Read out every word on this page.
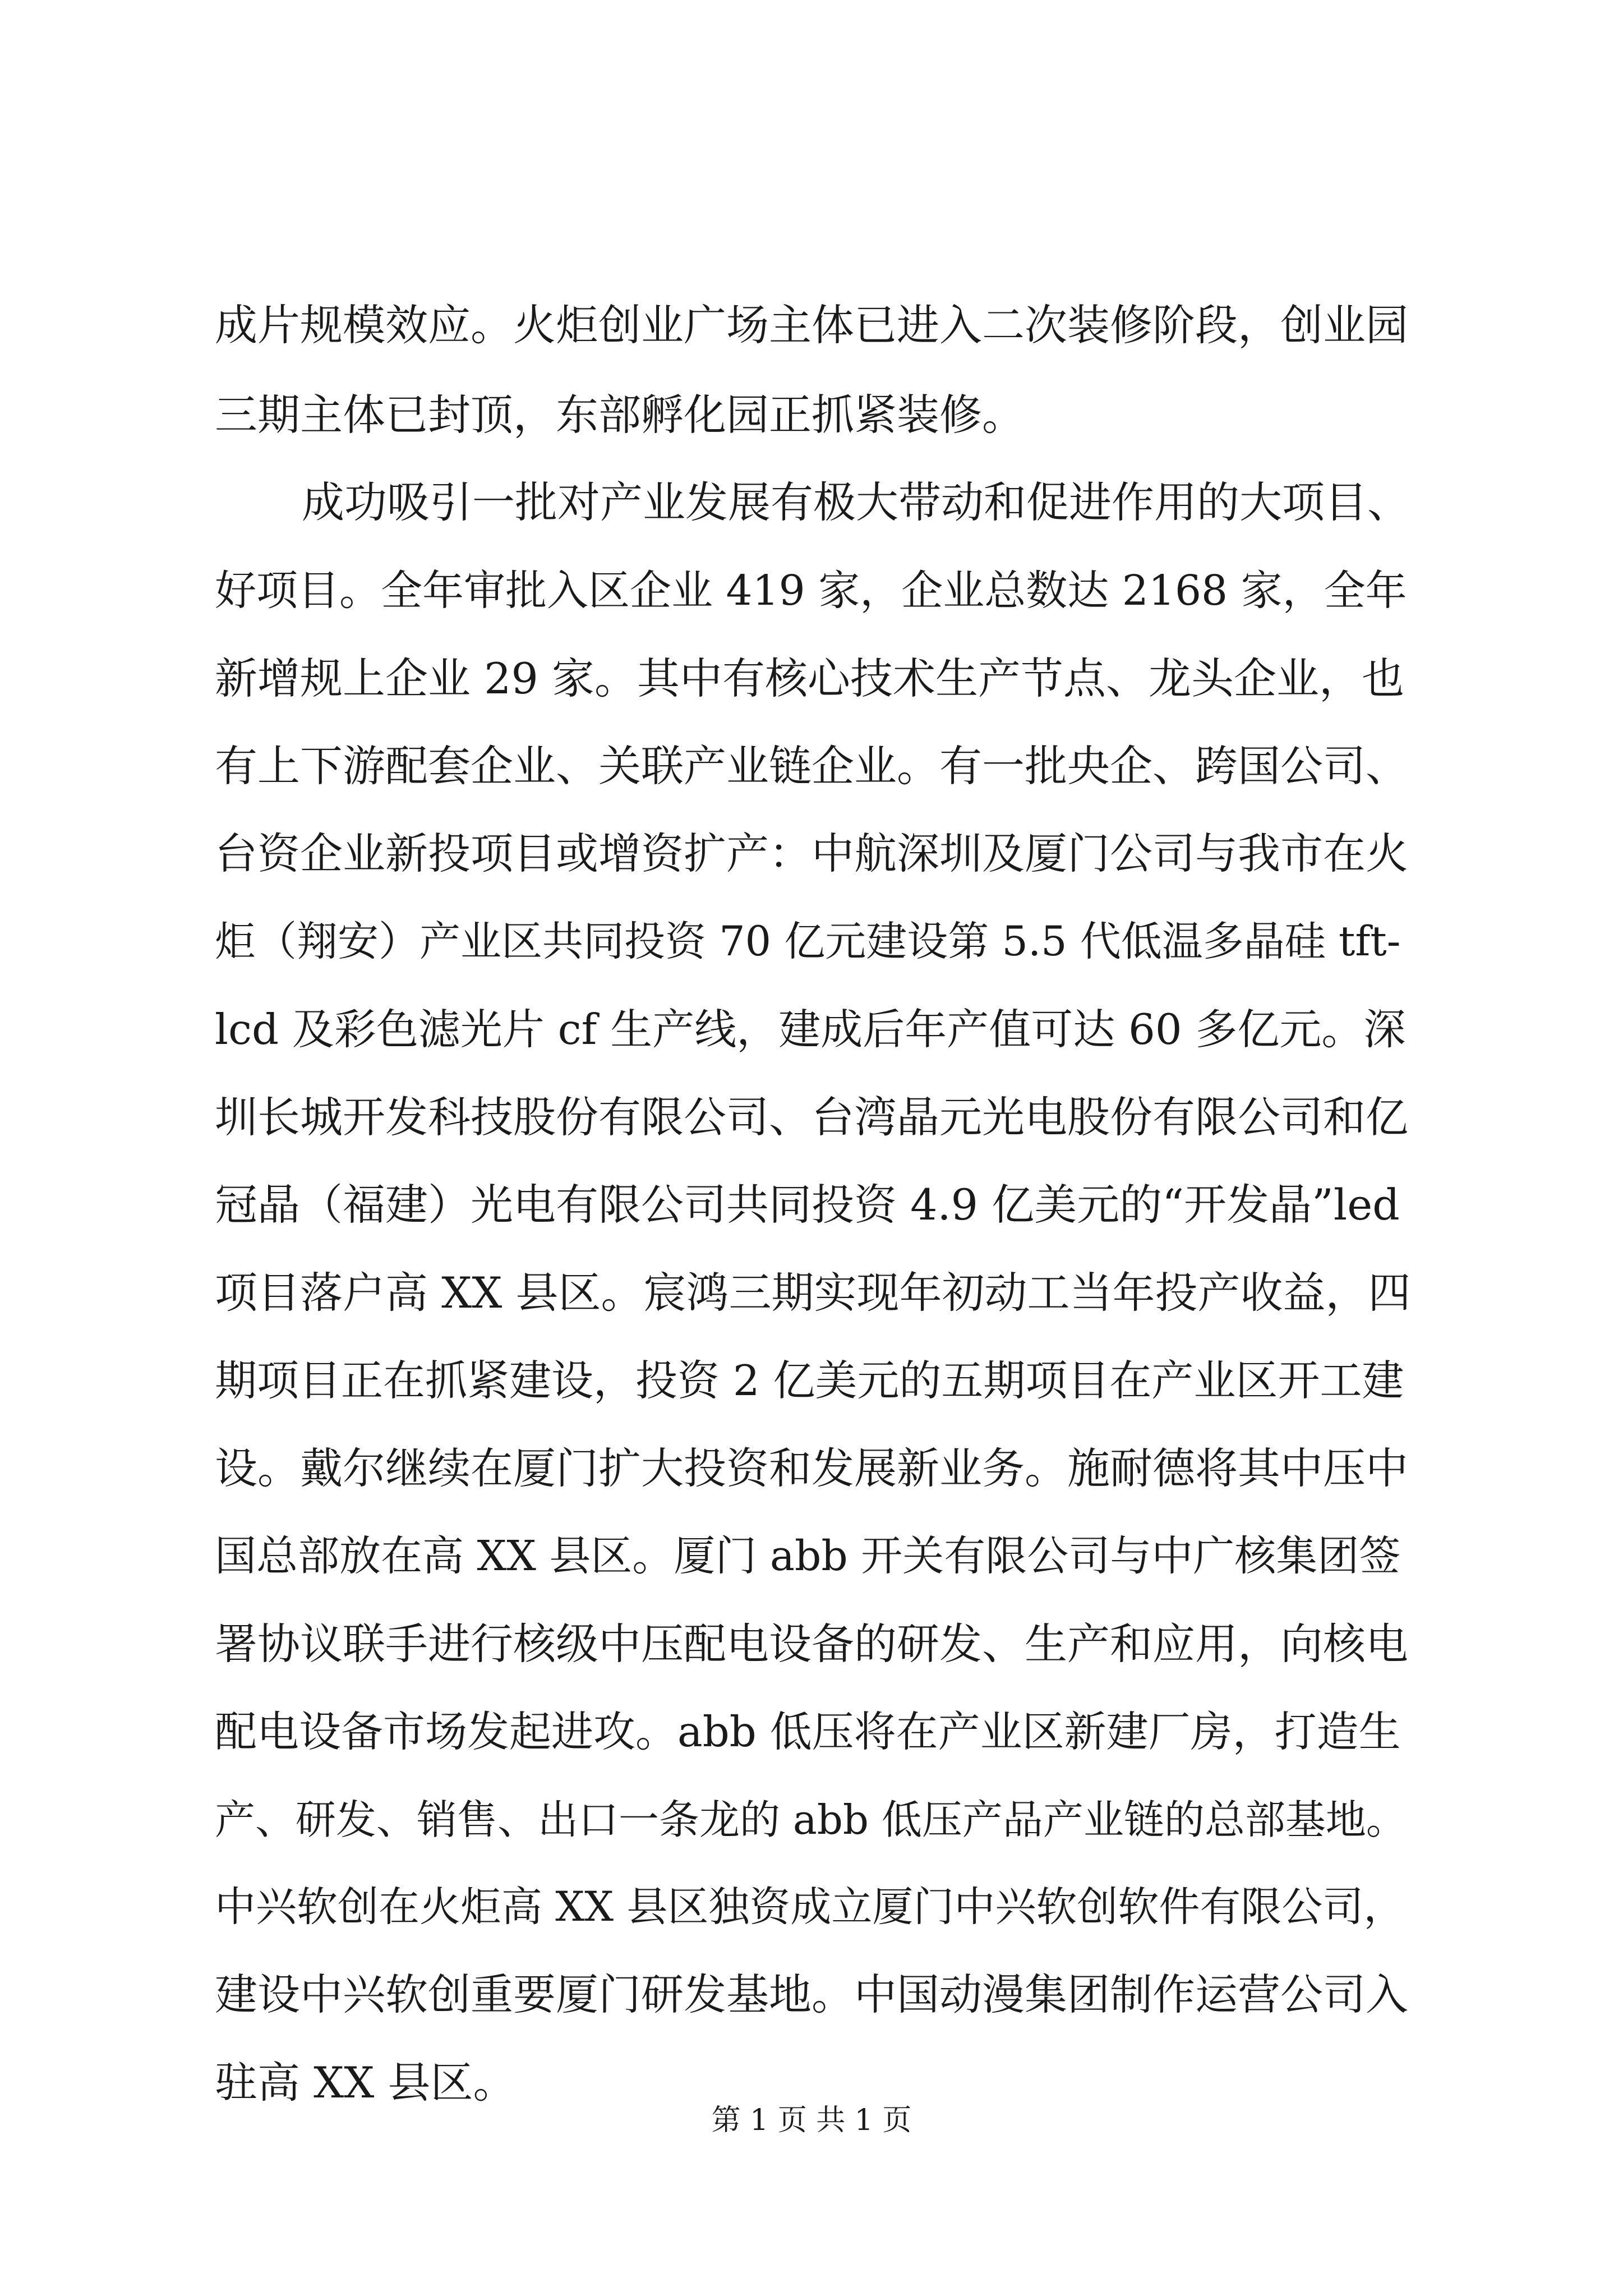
成片规模效应。火炬创业广场主体已进入二次装修阶段，创业园
三期主体已封顶，东部孵化园正抓紧装修。
成功吸引一批对产业发展有极大带动和促进作用的大项目、
好项目。全年审批入区企业 419 家，企业总数达 2168 家，全年
新增规上企业 29 家。其中有核心技术生产节点、龙头企业，也
有上下游配套企业、关联产业链企业。有一批央企、跨国公司、
台资企业新投项目或增资扩产：中航深圳及厦门公司与我市在火
炬（翔安）产业区共同投资 70 亿元建设第 5.5 代低温多晶硅 tft-
lcd 及彩色滤光片 cf 生产线，建成后年产值可达 60 多亿元。深
圳长城开发科技股份有限公司、台湾晶元光电股份有限公司和亿
冠晶（福建）光电有限公司共同投资 4.9 亿美元的“开发晶”led
项目落户高 XX 县区。宸鸿三期实现年初动工当年投产收益，四
期项目正在抓紧建设，投资 2 亿美元的五期项目在产业区开工建
设。戴尔继续在厦门扩大投资和发展新业务。施耐德将其中压中
国总部放在高 XX 县区。厦门 abb 开关有限公司与中广核集团签
署协议联手进行核级中压配电设备的研发、生产和应用，向核电
配电设备市场发起进攻。abb 低压将在产业区新建厂房，打造生
产、研发、销售、出口一条龙的 abb 低压产品产业链的总部基地。
中兴软创在火炬高 XX 县区独资成立厦门中兴软创软件有限公司，
建设中兴软创重要厦门研发基地。中国动漫集团制作运营公司入
驻高 XX 县区。
第 1 页 共 1 页
